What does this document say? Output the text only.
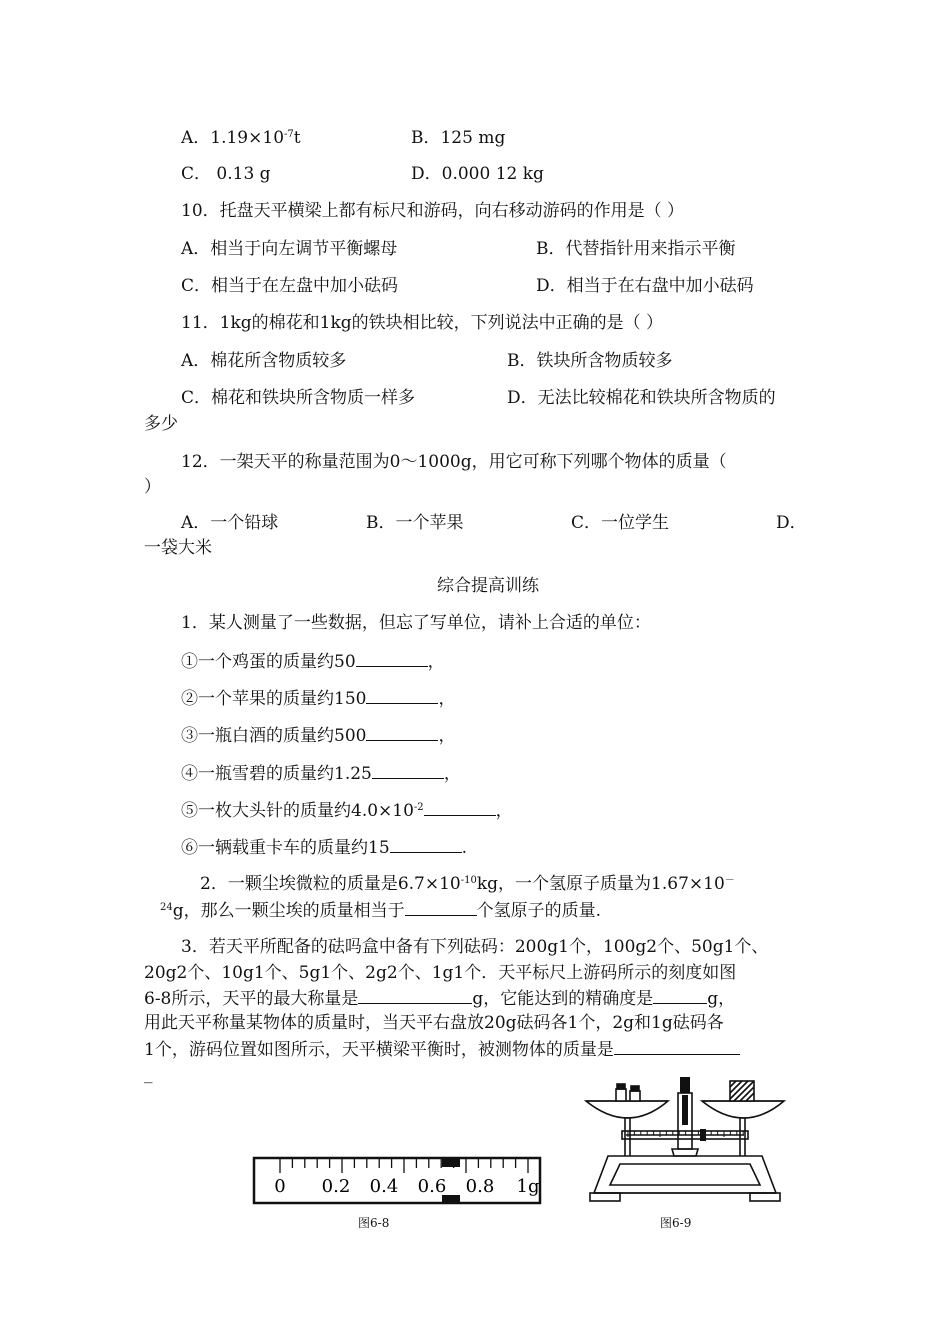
A．$1.19\times 10^{-7}t$	B．125 mg
C． 0.13 g	D．0.000 12 kg
10．托盘天平横梁上都有标尺和游码，向右移动游码的作用是（ ）
A．相当于向左调节平衡螺母	B．代替指针用来指示平衡
C．相当于在左盘中加小砝码	D．相当于在右盘中加小砝码
11．1kg的棉花和1kg的铁块相比较，下列说法中正确的是（ ）
A．棉花所含物质较多	B．铁块所含物质较多
C．棉花和铁块所含物质一样多	D．无法比较棉花和铁块所含物质的
多少
12．一架天平的称量范围为0～1000g，用它可称下列哪个物体的质量（
）
A．一个铅球	B．一个苹果	C．一位学生	D．
一袋大米
综合提高训练
1．某人测量了一些数据，但忘了写单位，请补上合适的单位：
①一个鸡蛋的质量约50	，
②一个苹果的质量约150	，
③一瓶白酒的质量约500	，
④一瓶雪碧的质量约1.25	，
⑤一枚大头针的质量约$4.0\times 10^{-2}$	，
⑥一辆载重卡车的质量约15	.
2．一颗尘埃微粒的质量是$6.7\times 10^{-10}kg$，一个氢原子质量为1.67×10－
$^{24}$g，那么一颗尘埃的质量相当于	个氢原子的质量.
3．若天平所配备的砝吗盒中备有下列砝码：200g1个，100g2个、50g1个、
20g2个、10g1个、5g1个、2g2个、1g1个．天平标尺上游码所示的刻度如图
6-8所示，天平的最大称量是	g，它能达到的精确度是	g，
用此天平称量某物体的质量时，当天平右盘放20g砝码各1个，2g和1g砝码各
1个，游码位置如图所示，天平横梁平衡时，被测物体的质量是
_
0 0.2 0.4 0.6 0.8 1g
图6-8	图6-9
